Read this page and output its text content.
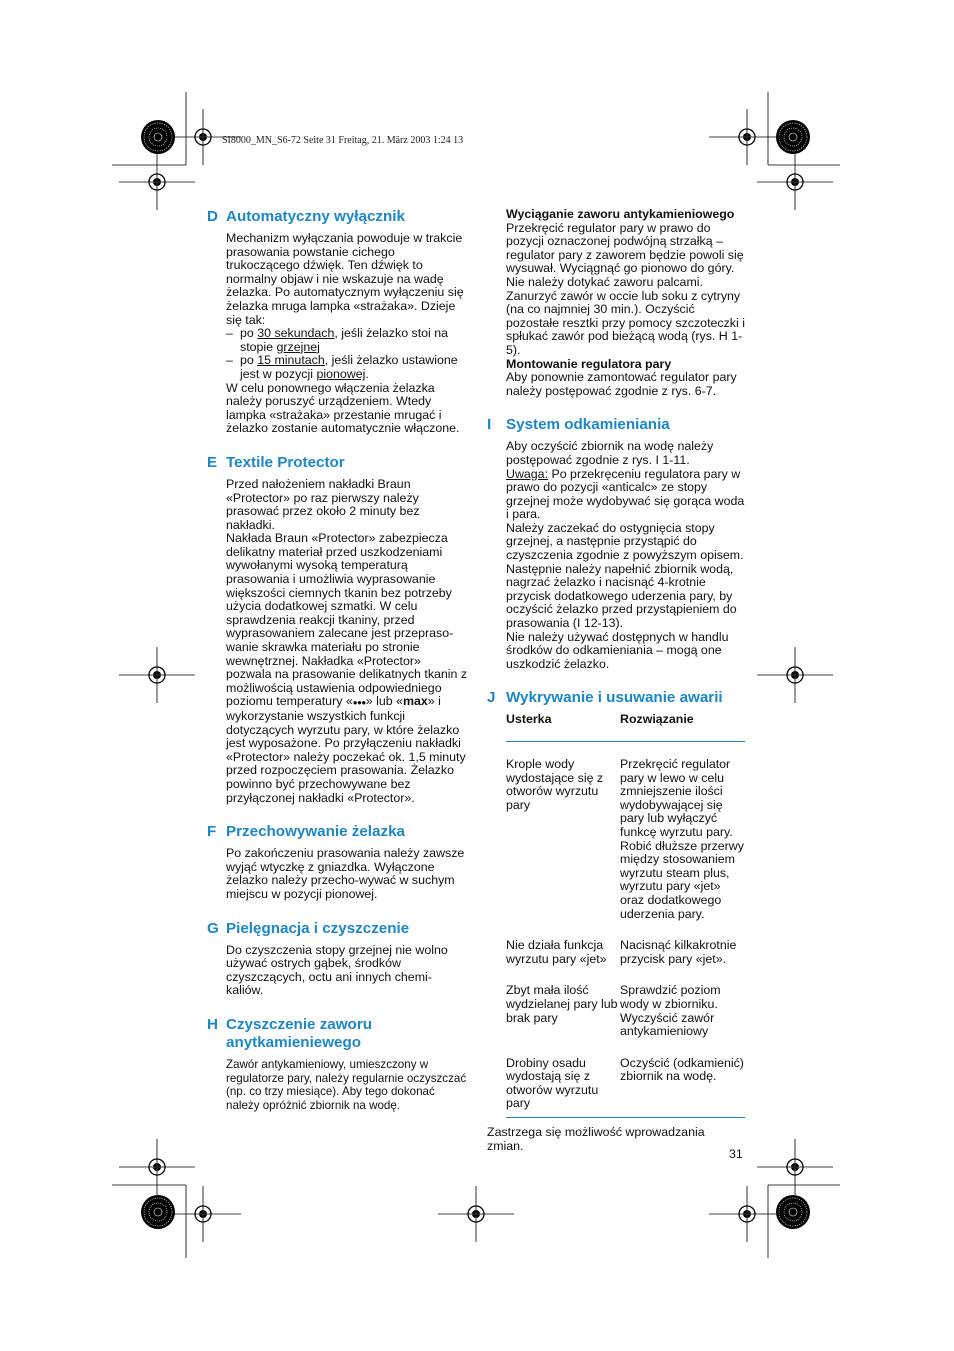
SI8000_MN_S6-72 Seite 31 Freitag, 21. März 2003 1:24 13
D Automatyczny wyłącznik

Mechanizm wyłączania powoduje w trakcie prasowania powstanie cichego trukoczącego dźwięk. Ten dźwięk to normalny objaw i nie wskazuje na wadę żelazka. Po automatycznym wyłączeniu się żelazka mruga lampka «strażaka». Dzieje się tak:

– po 30 sekundach, jeśli żelazko stoi na stopie grzejnej
– po 15 minutach, jeśli żelazko ustawione jest w pozycji pionowej.

W celu ponownego włączenia żelazka należy poruszyć urządzeniem. Wtedy lampka «strażaka» przestanie mrugać i żelazko zostanie automatycznie włączone.

E Textile Protector

Przed nałożeniem nakładki Braun «Protector» po raz pierwszy należy prasować przez około 2 minuty bez nakładki.

Nakłada Braun «Protector» zabezpiecza delikatny materiał przed uszkodzeniami wywołanymi wysoką temperaturą prasowania i umożliwia wyprasowanie większości ciemnych tkanin bez potrzeby użycia dodatkowej szmatki. W celu sprawdzenia reakcji tkaniny, przed wyprasowaniem zalecane jest przepraso-wanie skrawka materiału po stronie wewnętrznej. Nakładka «Protector» pozwala na prasowanie delikatnych tkanin z możliwością ustawienia odpowiedniego poziomu temperatury «●●●» lub «max» i wykorzystanie wszystkich funkcji dotyczących wyrzutu pary, w które żelazko jest wyposażone. Po przyłączeniu nakładki «Protector» należy poczekać ok. 1,5 minuty przed rozpoczęciem prasowania. Żelazko powinno być przechowywane bez przyłączonej nakładki «Protector».

F Przechowywanie żelazka

Po zakończeniu prasowania należy zawsze wyjąć wtyczkę z gniazdka. Wyłączone żelazko należy przecho-wywać w suchym miejscu w pozycji pionowej.

G Pielęgnacja i czyszczenie

Do czyszczenia stopy grzejnej nie wolno używać ostrych gąbek, środków czyszczących, octu ani innych chemi-kaliów.

H Czyszczenie zaworu anytkamieniewego

Zawór antykamieniowy, umieszczony w regulatorze pary, należy regularnie oczyszczać (np. co trzy miesiące). Aby tego dokonać należy opróżnić zbiornik na wodę.

Wyciąganie zaworu antykamieniowego

Przekręcić regulator pary w prawo do pozycji oznaczonej podwójną strzałką – regulator pary z zaworem będzie powoli się wysuwał. Wyciągnąć go pionowo do góry. Nie należy dotykać zaworu palcami. Zanurzyć zawór w occie lub soku z cytryny (na co najmniej 30 min.). Oczyścić pozostałe resztki przy pomocy szczoteczki i spłukać zawór pod bieżącą wodą (rys. H 1-5).

Montowanie regulatora pary

Aby ponownie zamontować regulator pary należy postępować zgodnie z rys. 6-7.

I System odkamieniania

Aby oczyścić zbiornik na wodę należy postępować zgodnie z rys. I 1-11.

Uwaga: Po przekręceniu regulatora pary w prawo do pozycji «anticalc» ze stopy grzejnej może wydobywać się gorąca woda i para.

Należy zaczekać do ostygnięcia stopy grzejnej, a następnie przystąpić do czyszczenia zgodnie z powyższym opisem.

Następnie należy napełnić zbiornik wodą, nagrzać żelazko i nacisnąć 4-krotnie przycisk dodatkowego uderzenia pary, by oczyścić żelazko przed przystąpieniem do prasowania (I 12-13).

Nie należy używać dostępnych w handlu środków do odkamieniania – mogą one uszkodzić żelazko.

J Wykrywanie i usuwanie awarii
Usterka	Rozwiązanie
Krople wody wydostające się z otworów wyrzutu pary	Przekręcić regulator pary w lewo w celu zmniejszenie ilości wydobywającej się pary lub wyłączyć funkcę wyrzutu pary. Robić dłuższe przerwy między stosowaniem wyrzutu steam plus, wyrzutu pary «jet» oraz dodatkowego uderzenia pary.
Nie działa funkcja wyrzutu pary «jet»	Nacisnąć kilkakrotnie przycisk pary «jet».
Zbyt mała ilość wydzielanej pary lub brak pary	Sprawdzić poziom wody w zbiorniku. Wyczyścić zawór antykamieniowy
Drobiny osadu wydostają się z otworów wyrzutu pary	Oczyścić (odkamienić) zbiornik na wodę.

Zastrzega się możliwość wprowadzania zmian.

31
